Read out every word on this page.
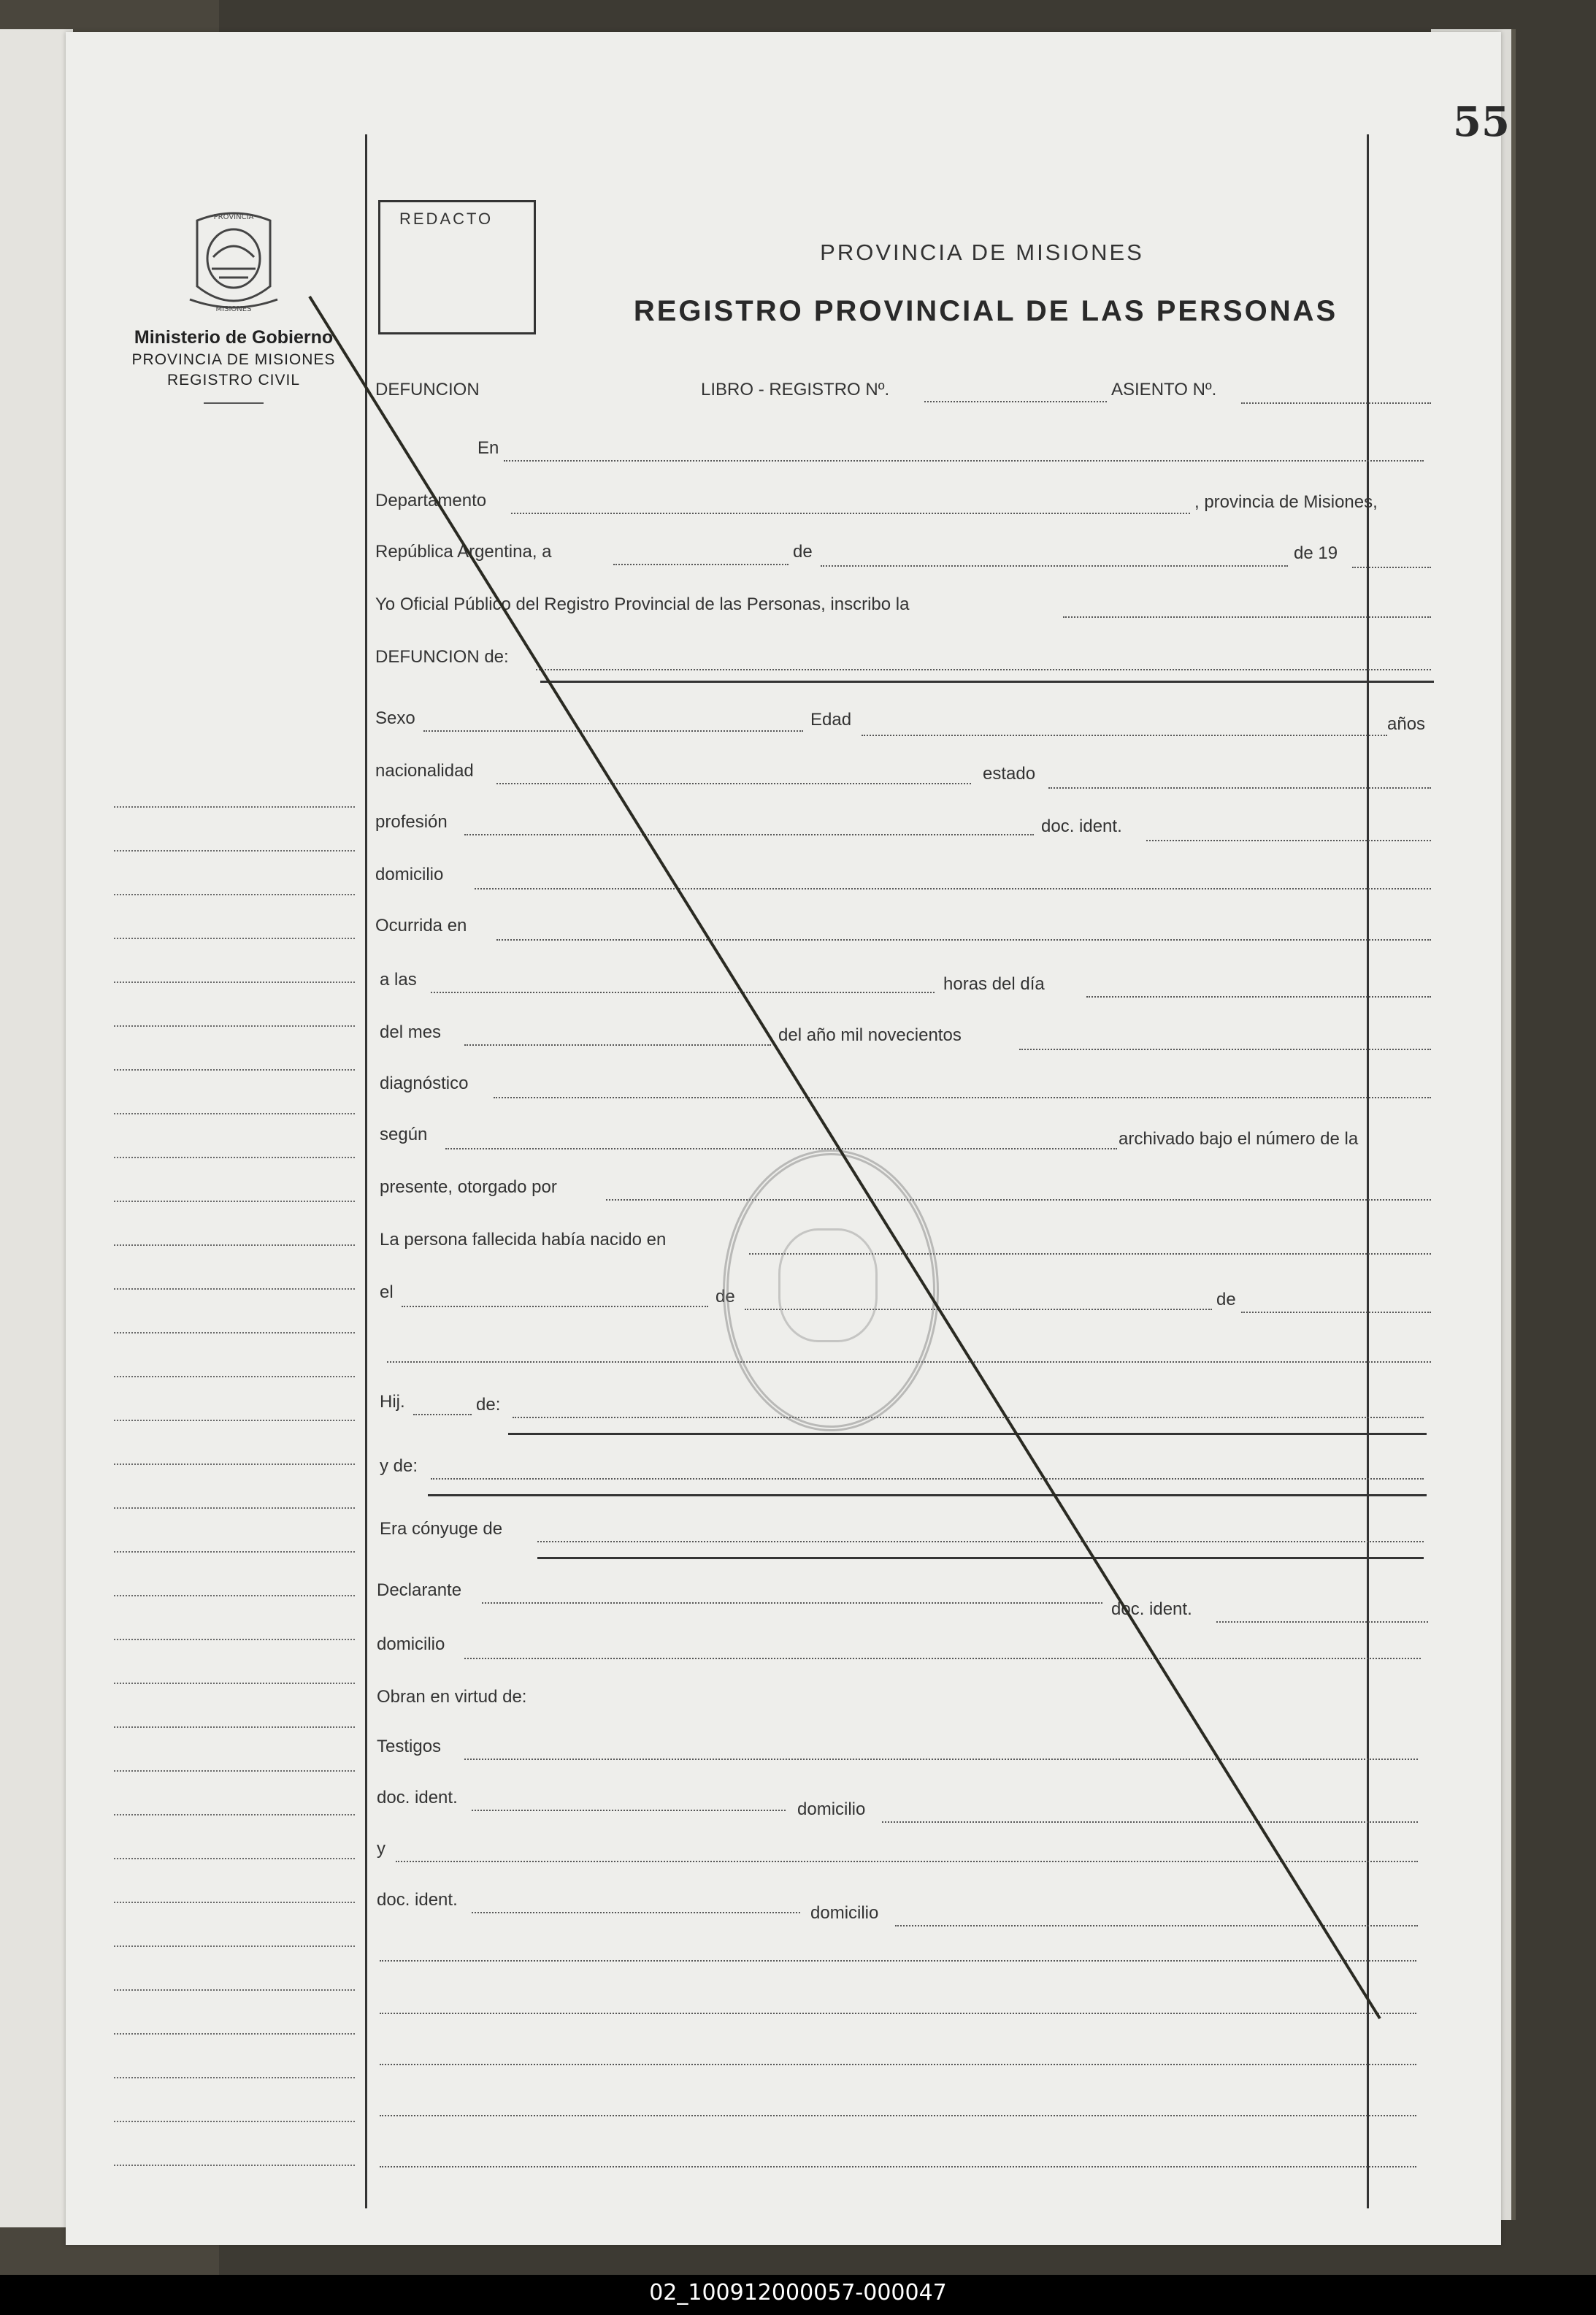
55
PROVINCIA
MISIONES
Ministerio de Gobierno
PROVINCIA DE MISIONES
REGISTRO CIVIL
REDACTO
PROVINCIA DE MISIONES
REGISTRO PROVINCIAL DE LAS PERSONAS
DEFUNCION	LIBRO - REGISTRO Nº.	ASIENTO Nº.
En
Departamento	, provincia de Misiones,
República Argentina, a	de	de 19
Yo Oficial Público del Registro Provincial de las Personas, inscribo la
DEFUNCION de:
Sexo	Edad	años
nacionalidad	estado
profesión	doc. ident.
domicilio
Ocurrida en
a las	horas del día
del mes	del año mil novecientos
diagnóstico
según	archivado bajo el número de la
presente, otorgado por
La persona fallecida había nacido en
el	de	de
Hij.	de:
y de:
Era cónyuge de
Declarante
doc. ident.
domicilio
Obran en virtud de:
Testigos
doc. ident.
domicilio
y
doc. ident.
domicilio
02_100912000057-000047
